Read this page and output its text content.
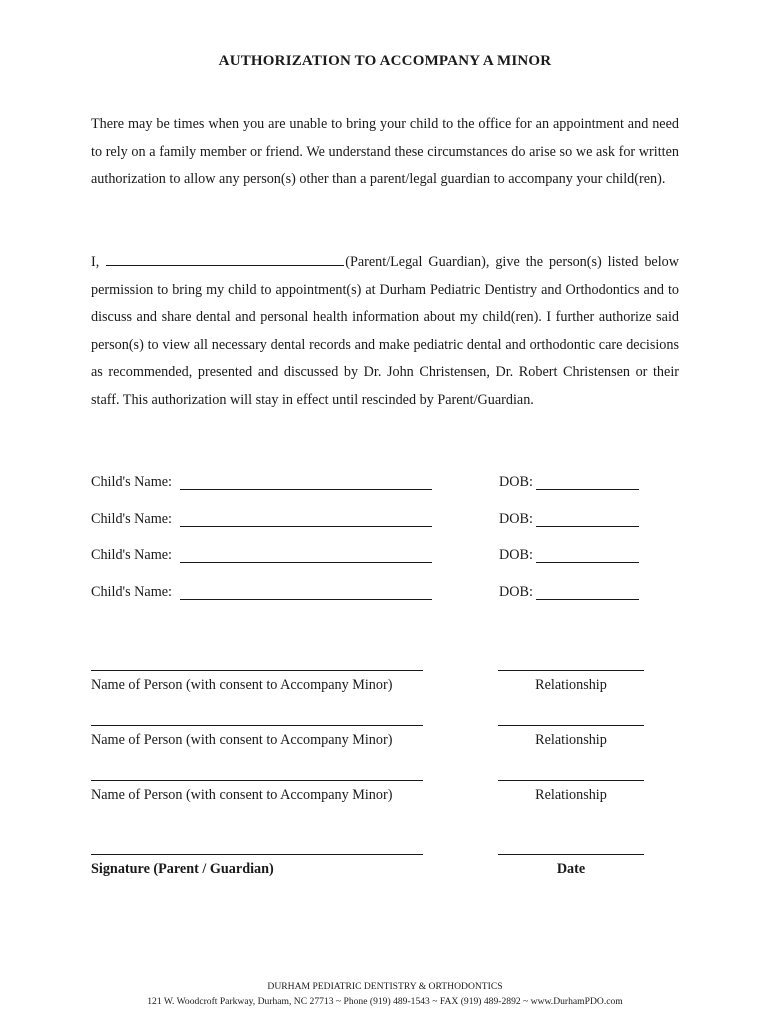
AUTHORIZATION TO ACCOMPANY A MINOR
There may be times when you are unable to bring your child to the office for an appointment and need to rely on a family member or friend. We understand these circumstances do arise so we ask for written authorization to allow any person(s) other than a parent/legal guardian to accompany your child(ren).
I,	(Parent/Legal Guardian), give the person(s) listed below permission to bring my child to appointment(s) at Durham Pediatric Dentistry and Orthodontics and to discuss and share dental and personal health information about my child(ren). I further authorize said person(s) to view all necessary dental records and make pediatric dental and orthodontic care decisions as recommended, presented and discussed by Dr. John Christensen, Dr. Robert Christensen or their staff. This authorization will stay in effect until rescinded by Parent/Guardian.
Child's Name:	DOB:
Child's Name:	DOB:
Child's Name:	DOB:
Child's Name:	DOB:
Name of Person (with consent to Accompany Minor)	Relationship
Name of Person (with consent to Accompany Minor)	Relationship
Name of Person (with consent to Accompany Minor)	Relationship
Signature (Parent / Guardian)	Date
DURHAM PEDIATRIC DENTISTRY & ORTHODONTICS
121 W. Woodcroft Parkway, Durham, NC 27713 ~ Phone (919) 489-1543 ~ FAX (919) 489-2892 ~ www.DurhamPDO.com
